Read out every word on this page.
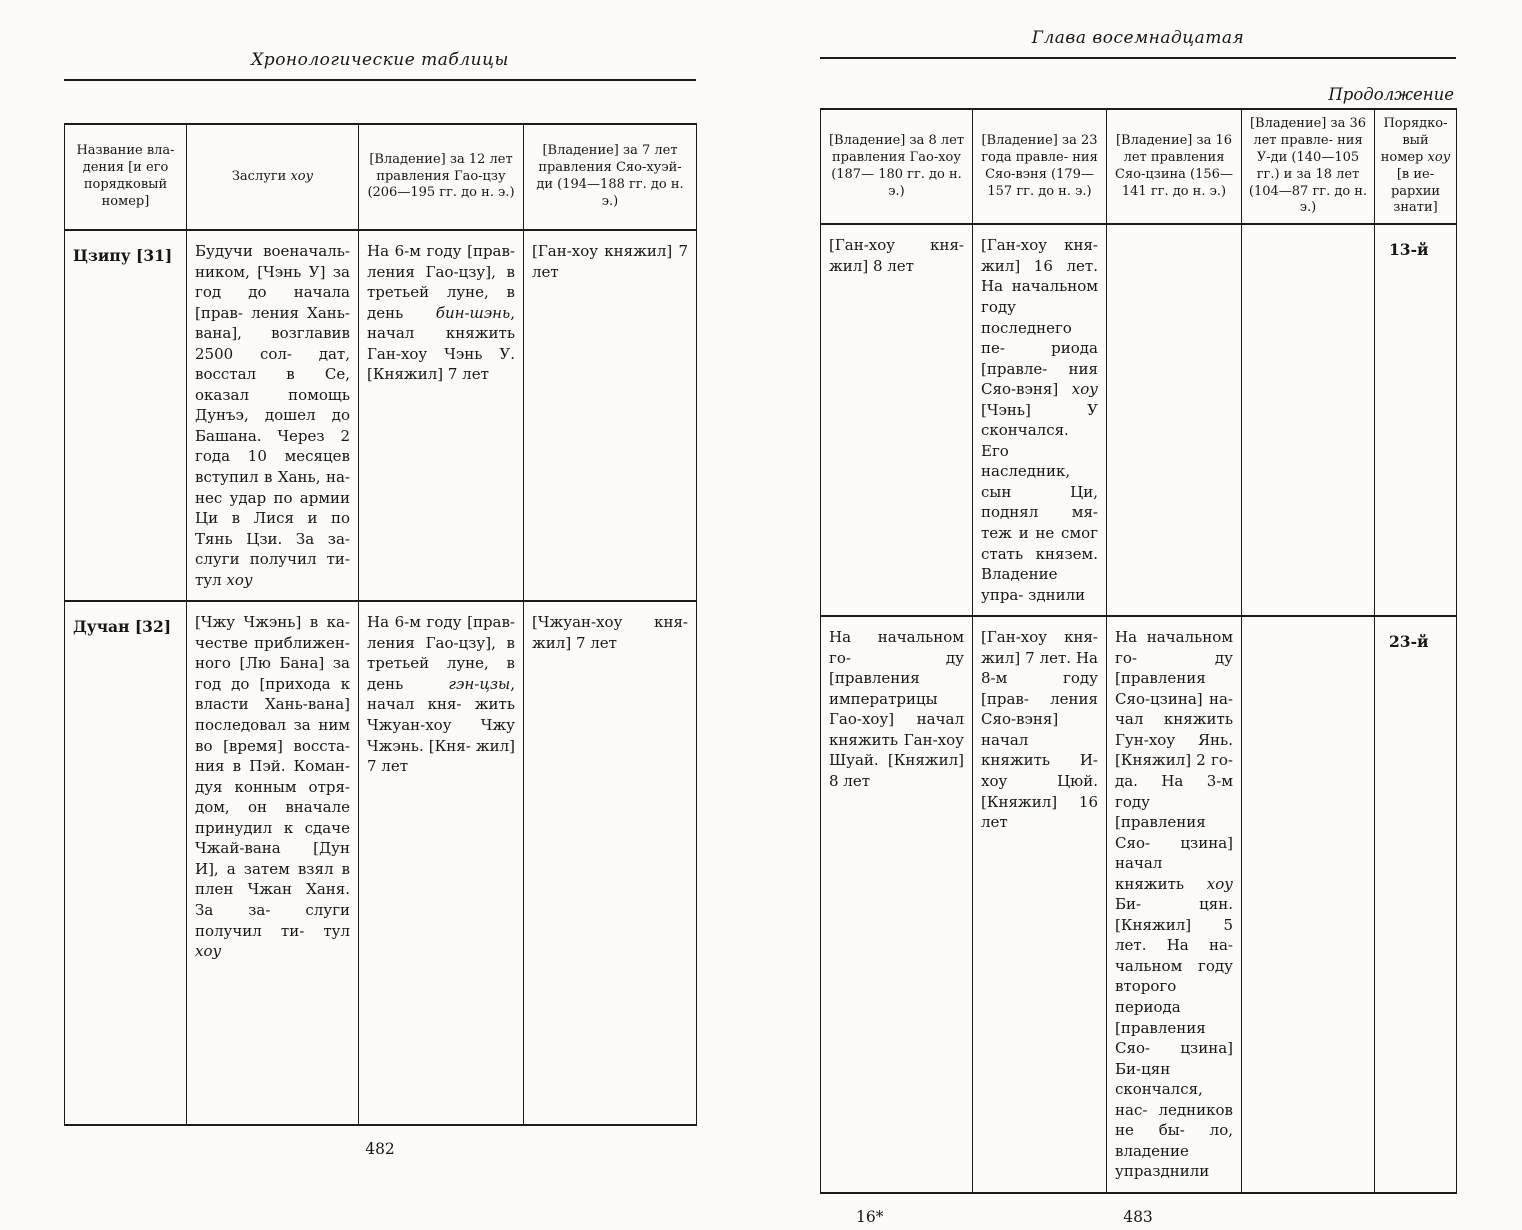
Хронологические таблицы
Название вла- дения [и его порядковый номер]	Заслуги хоу	[Владение] за 12 лет правления Гао-цзу (206—195 гг. до н. э.)	[Владение] за 7 лет правления Сяо-хуэй- ди (194—188 гг. до н. э.)
Цзипу [31]	Будучи военачаль- ником, [Чэнь У] за год до начала [прав- ления Хань-вана], возглавив 2500 сол- дат, восстал в Се, оказал помощь Дунъэ, дошел до Башана. Через 2 года 10 месяцев вступил в Хань, на- нес удар по армии Ци в Лися и по Тянь Цзи. За за- слуги получил ти- тул хоу	На 6-м году [прав- ления Гао-цзу], в третьей луне, в день бин-шэнь, начал княжить Ган-хоу Чэнь У. [Княжил] 7 лет	[Ган-хоу княжил] 7 лет
Дучан [32]	[Чжу Чжэнь] в ка- честве приближен- ного [Лю Бана] за год до [прихода к власти Хань-вана] последовал за ним во [время] восста- ния в Пэй. Коман- дуя конным отря- дом, он вначале принудил к сдаче Чжай-вана [Дун И], а затем взял в плен Чжан Ханя. За за- слуги получил ти- тул хоу	На 6-м году [прав- ления Гао-цзу], в третьей луне, в день гэн-цзы, начал кня- жить Чжуан-хоу Чжу Чжэнь. [Кня- жил] 7 лет	[Чжуан-хоу кня- жил] 7 лет
482
Глава восемнадцатая
Продолжение
[Владение] за 8 лет правления Гао-хоу (187— 180 гг. до н. э.)	[Владение] за 23 года правле- ния Сяо-вэня (179—157 гг. до н. э.)	[Владение] за 16 лет правления Сяо-цзина (156— 141 гг. до н. э.)	[Владение] за 36 лет правле- ния У-ди (140—105 гг.) и за 18 лет (104—87 гг. до н. э.)	Порядко- вый номер хоу [в ие- рархии знати]
[Ган-хоу кня- жил] 8 лет	[Ган-хоу кня- жил] 16 лет. На начальном году последнего пе- риода [правле- ния Сяо-вэня] хоу [Чэнь] У скончался. Его наследник, сын Ци, поднял мя- теж и не смог стать князем. Владение упра- зднили			13-й
На начальном го- ду [правления императрицы Гао-хоу] начал княжить Ган-хоу Шуай. [Княжил] 8 лет	[Ган-хоу кня- жил] 7 лет. На 8-м году [прав- ления Сяо-вэня] начал княжить И-хоу Цюй. [Княжил] 16 лет	На начальном го- ду [правления Сяо-цзина] на- чал княжить Гун-хоу Янь. [Княжил] 2 го- да. На 3-м году [правления Сяо- цзина] начал княжить хоу Би- цян. [Княжил] 5 лет. На на- чальном году второго периода [правления Сяо- цзина] Би-цян скончался, нас- ледников не бы- ло, владение упразднили		23-й
16*	483
